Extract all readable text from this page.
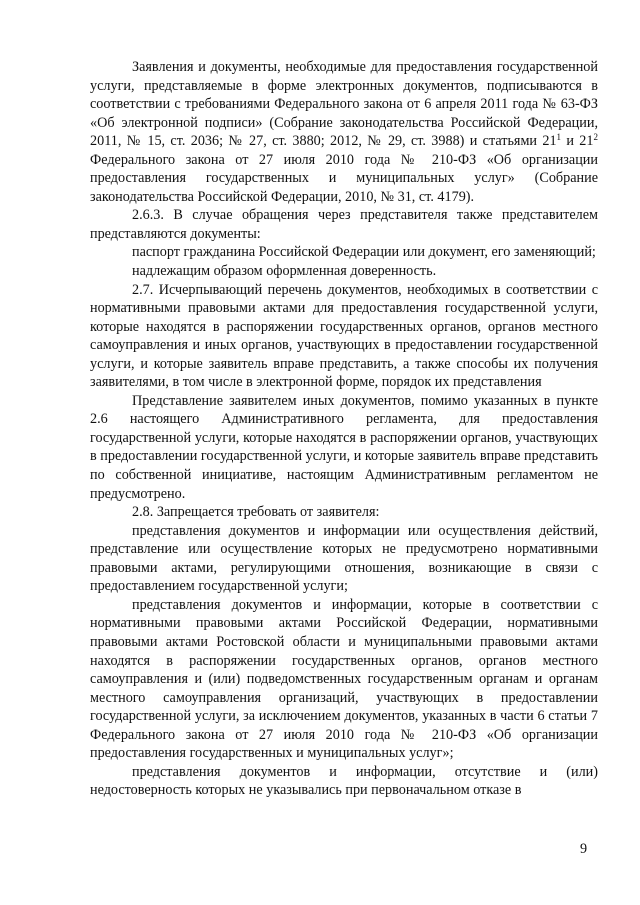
Заявления и документы, необходимые для предоставления государственной услуги, представляемые в форме электронных документов, подписываются в соответствии с требованиями Федерального закона от 6 апреля 2011 года № 63-ФЗ «Об электронной подписи» (Собрание законодательства Российской Федерации, 2011, № 15, ст. 2036; № 27, ст. 3880; 2012, № 29, ст. 3988) и статьями $21^1$ и $21^2$ Федерального закона от 27 июля 2010 года № 210-ФЗ «Об организации предоставления государственных и муниципальных услуг» (Собрание законодательства Российской Федерации, 2010, № 31, ст. 4179).

2.6.3. В случае обращения через представителя также представителем представляются документы:

паспорт гражданина Российской Федерации или документ, его заменяющий;

надлежащим образом оформленная доверенность.

2.7. Исчерпывающий перечень документов, необходимых в соответствии с нормативными правовыми актами для предоставления государственной услуги, которые находятся в распоряжении государственных органов, органов местного самоуправления и иных органов, участвующих в предоставлении государственной услуги, и которые заявитель вправе представить, а также способы их получения заявителями, в том числе в электронной форме, порядок их представления

Представление заявителем иных документов, помимо указанных в пункте 2.6 настоящего Административного регламента, для предоставления государственной услуги, которые находятся в распоряжении органов, участвующих в предоставлении государственной услуги, и которые заявитель вправе представить по собственной инициативе, настоящим Административным регламентом не предусмотрено.

2.8. Запрещается требовать от заявителя:

представления документов и информации или осуществления действий, представление или осуществление которых не предусмотрено нормативными правовыми актами, регулирующими отношения, возникающие в связи с предоставлением государственной услуги;

представления документов и информации, которые в соответствии с нормативными правовыми актами Российской Федерации, нормативными правовыми актами Ростовской области и муниципальными правовыми актами находятся в распоряжении государственных органов, органов местного самоуправления и (или) подведомственных государственным органам и органам местного самоуправления организаций, участвующих в предоставлении государственной услуги, за исключением документов, указанных в части 6 статьи 7 Федерального закона от 27 июля 2010 года № 210-ФЗ «Об организации предоставления государственных и муниципальных услуг»;

представления документов и информации, отсутствие и (или) недостоверность которых не указывались при первоначальном отказе в

9
